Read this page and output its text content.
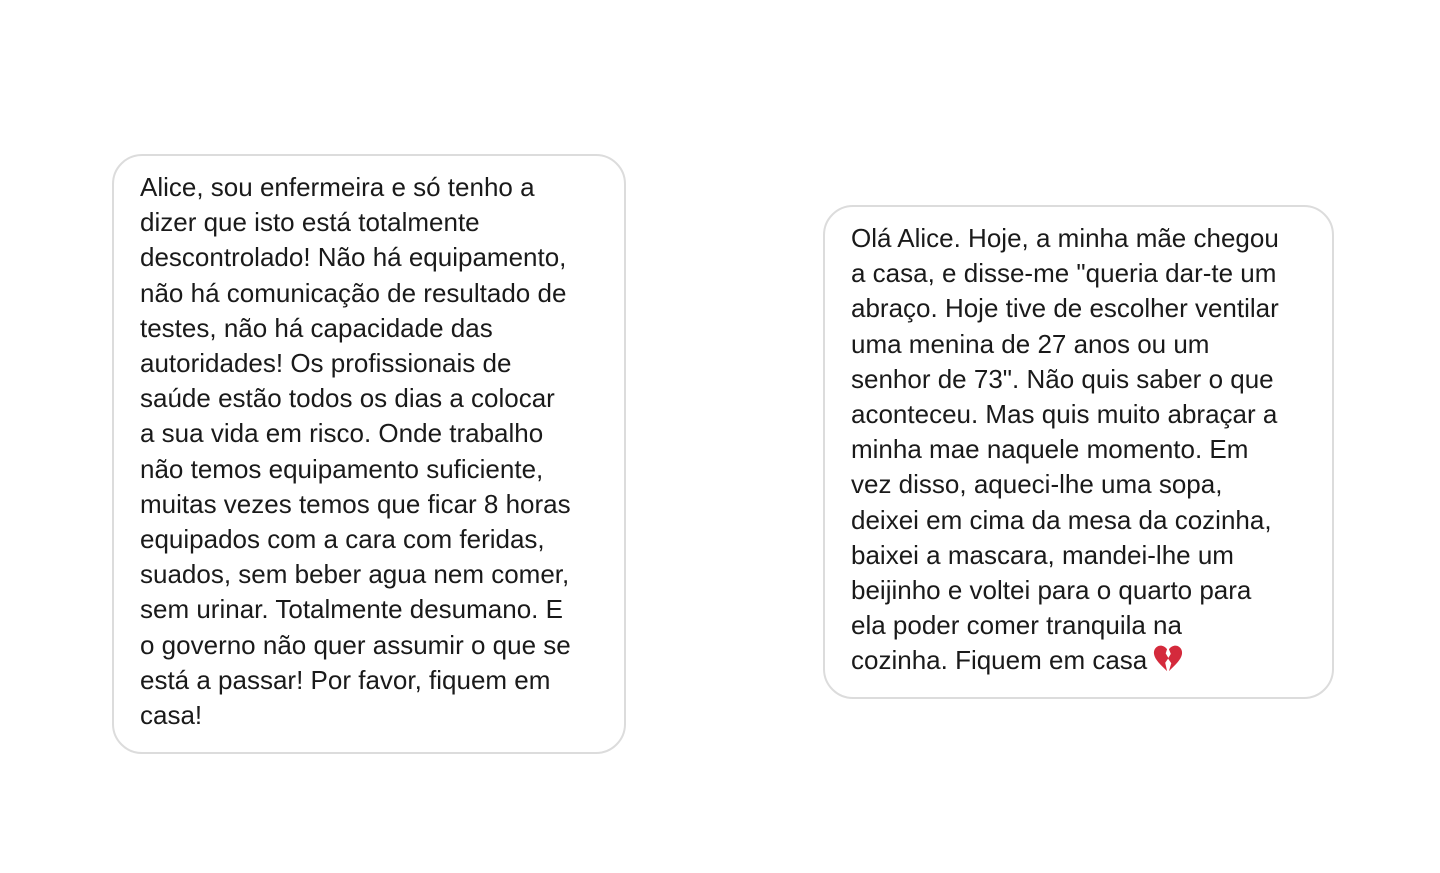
Alice, sou enfermeira e só tenho a
dizer que isto está totalmente
descontrolado! Não há equipamento,
não há comunicação de resultado de
testes, não há capacidade das
autoridades! Os profissionais de
saúde estão todos os dias a colocar
a sua vida em risco. Onde trabalho
não temos equipamento suficiente,
muitas vezes temos que ficar 8 horas
equipados com a cara com feridas,
suados, sem beber agua nem comer,
sem urinar. Totalmente desumano. E
o governo não quer assumir o que se
está a passar! Por favor, fiquem em
casa!
Olá Alice. Hoje, a minha mãe chegou
a casa, e disse-me "queria dar-te um
abraço. Hoje tive de escolher ventilar
uma menina de 27 anos ou um
senhor de 73". Não quis saber o que
aconteceu. Mas quis muito abraçar a
minha mae naquele momento. Em
vez disso, aqueci-lhe uma sopa,
deixei em cima da mesa da cozinha,
baixei a mascara, mandei-lhe um
beijinho e voltei para o quarto para
ela poder comer tranquila na
cozinha. Fiquem em casa
